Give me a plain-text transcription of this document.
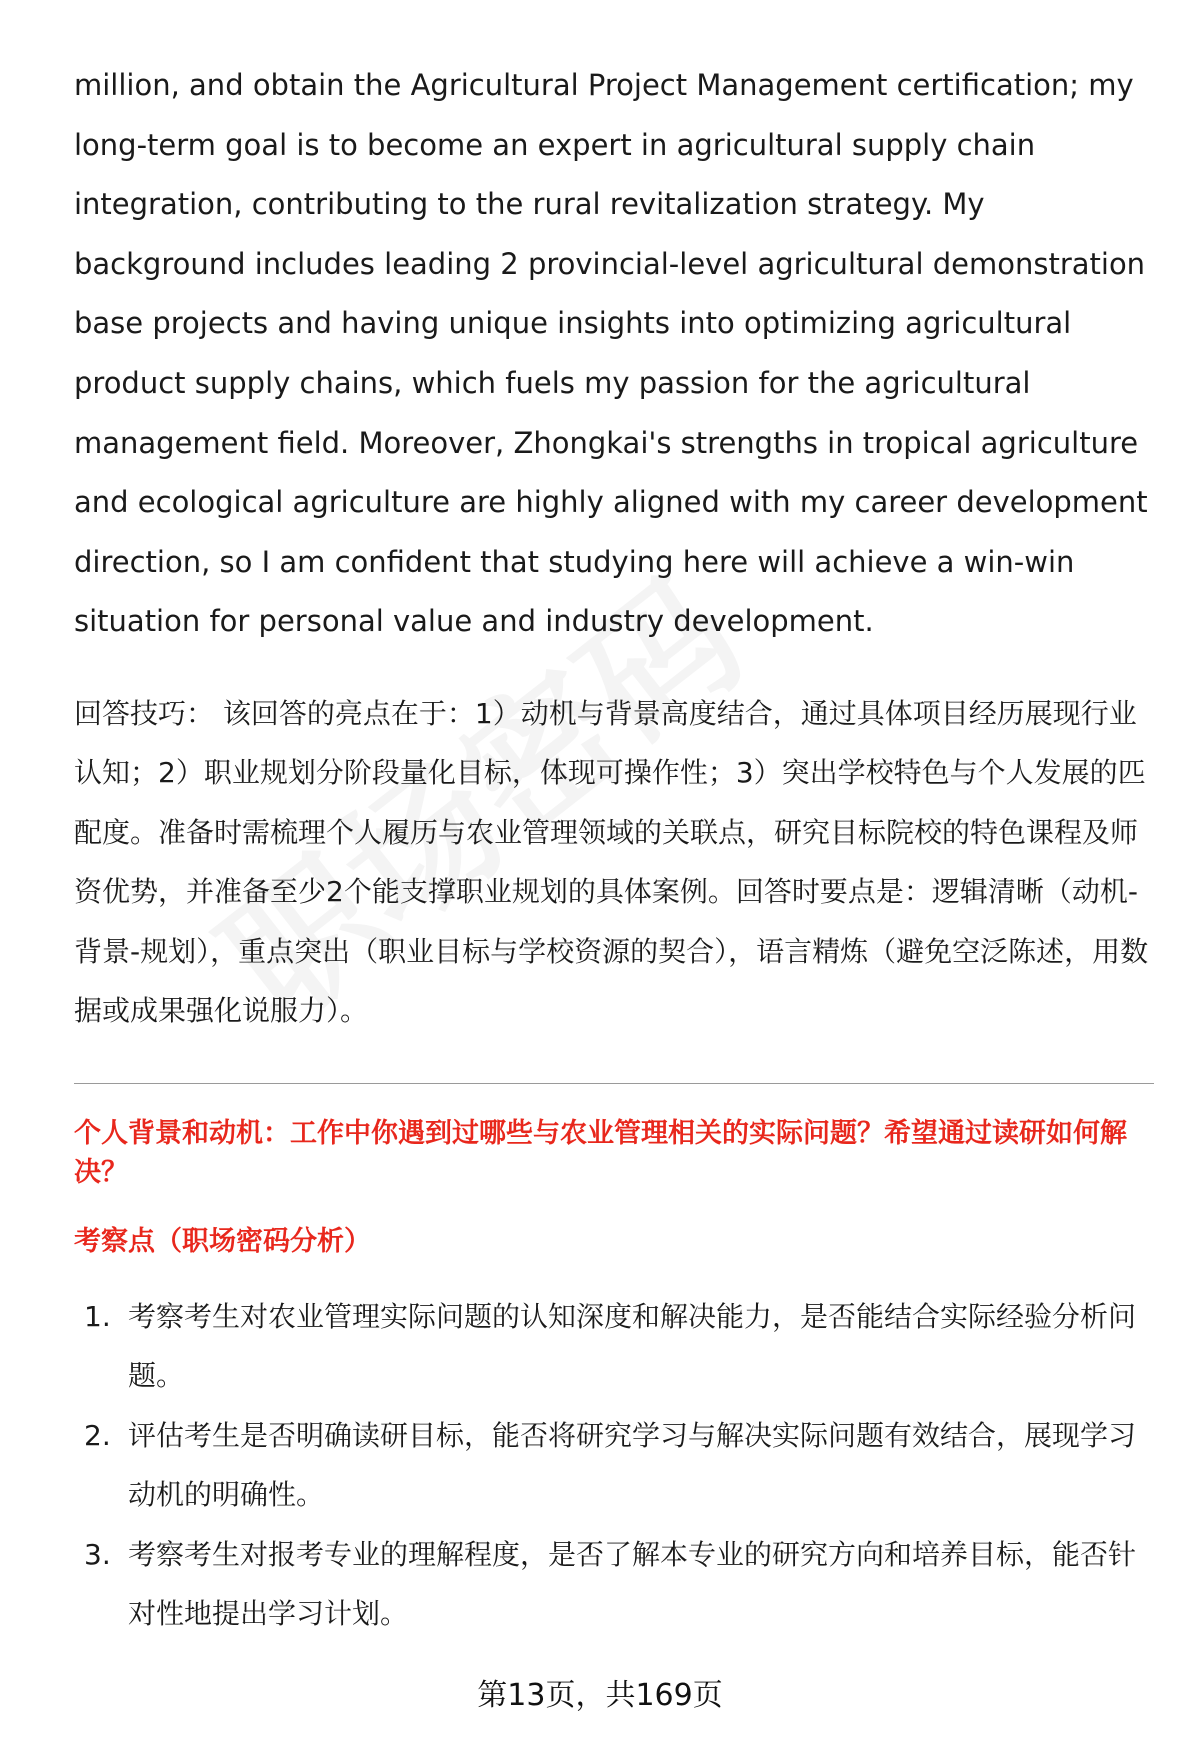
million, and obtain the Agricultural Project Management certification; my long-term goal is to become an expert in agricultural supply chain integration, contributing to the rural revitalization strategy. My background includes leading 2 provincial-level agricultural demonstration base projects and having unique insights into optimizing agricultural product supply chains, which fuels my passion for the agricultural management field. Moreover, Zhongkai's strengths in tropical agriculture and ecological agriculture are highly aligned with my career development direction, so I am confident that studying here will achieve a win-win situation for personal value and industry development.

回答技巧： 该回答的亮点在于：1）动机与背景高度结合，通过具体项目经历展现行业认知；2）职业规划分阶段量化目标，体现可操作性；3）突出学校特色与个人发展的匹配度。准备时需梳理个人履历与农业管理领域的关联点，研究目标院校的特色课程及师资优势，并准备至少2个能支撑职业规划的具体案例。回答时要点是：逻辑清晰（动机-背景-规划），重点突出（职业目标与学校资源的契合），语言精炼（避免空泛陈述，用数据或成果强化说服力）。

个人背景和动机：工作中你遇到过哪些与农业管理相关的实际问题？希望通过读研如何解决？
考察点（职场密码分析）
1. 考察考生对农业管理实际问题的认知深度和解决能力，是否能结合实际经验分析问题。
2. 评估考生是否明确读研目标，能否将研究学习与解决实际问题有效结合，展现学习动机的明确性。
3. 考察考生对报考专业的理解程度，是否了解本专业的研究方向和培养目标，能否针对性地提出学习计划。
第13页，共169页
